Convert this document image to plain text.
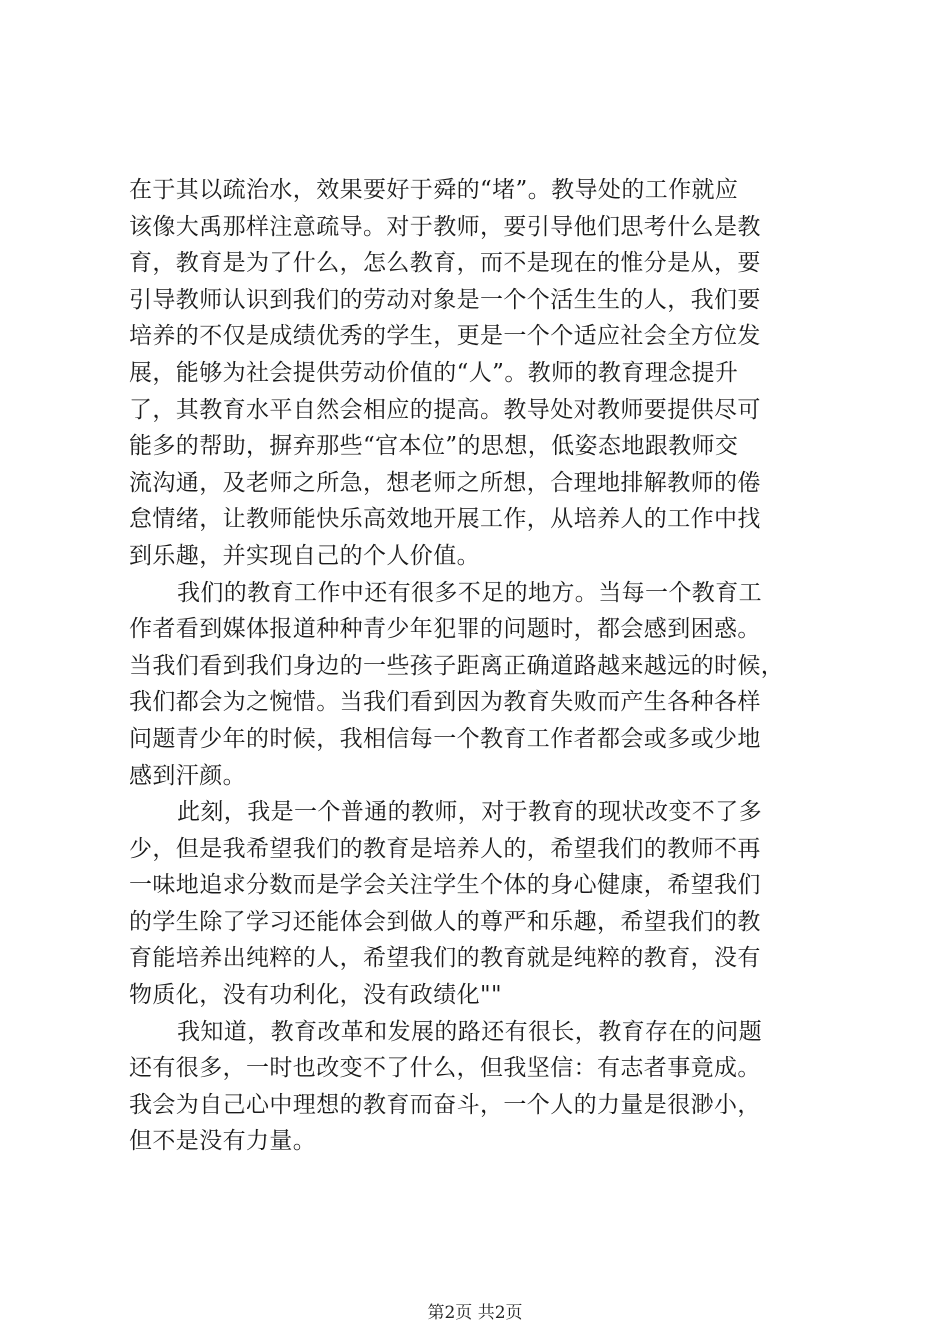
在于其以疏治水，效果要好于舜的“堵”。教导处的工作就应
该像大禹那样注意疏导。对于教师，要引导他们思考什么是教
育，教育是为了什么，怎么教育，而不是现在的惟分是从，要
引导教师认识到我们的劳动对象是一个个活生生的人，我们要
培养的不仅是成绩优秀的学生，更是一个个适应社会全方位发
展，能够为社会提供劳动价值的“人”。教师的教育理念提升
了，其教育水平自然会相应的提高。教导处对教师要提供尽可
能多的帮助，摒弃那些“官本位”的思想，低姿态地跟教师交
流沟通，及老师之所急，想老师之所想，合理地排解教师的倦
怠情绪，让教师能快乐高效地开展工作，从培养人的工作中找
到乐趣，并实现自己的个人价值。
我们的教育工作中还有很多不足的地方。当每一个教育工
作者看到媒体报道种种青少年犯罪的问题时，都会感到困惑。
当我们看到我们身边的一些孩子距离正确道路越来越远的时候，
我们都会为之惋惜。当我们看到因为教育失败而产生各种各样
问题青少年的时候，我相信每一个教育工作者都会或多或少地
感到汗颜。
此刻，我是一个普通的教师，对于教育的现状改变不了多
少，但是我希望我们的教育是培养人的，希望我们的教师不再
一味地追求分数而是学会关注学生个体的身心健康，希望我们
的学生除了学习还能体会到做人的尊严和乐趣，希望我们的教
育能培养出纯粹的人，希望我们的教育就是纯粹的教育，没有
物质化，没有功利化，没有政绩化""
我知道，教育改革和发展的路还有很长，教育存在的问题
还有很多，一时也改变不了什么，但我坚信：有志者事竟成。
我会为自己心中理想的教育而奋斗，一个人的力量是很渺小，
但不是没有力量。
第2页 共2页
